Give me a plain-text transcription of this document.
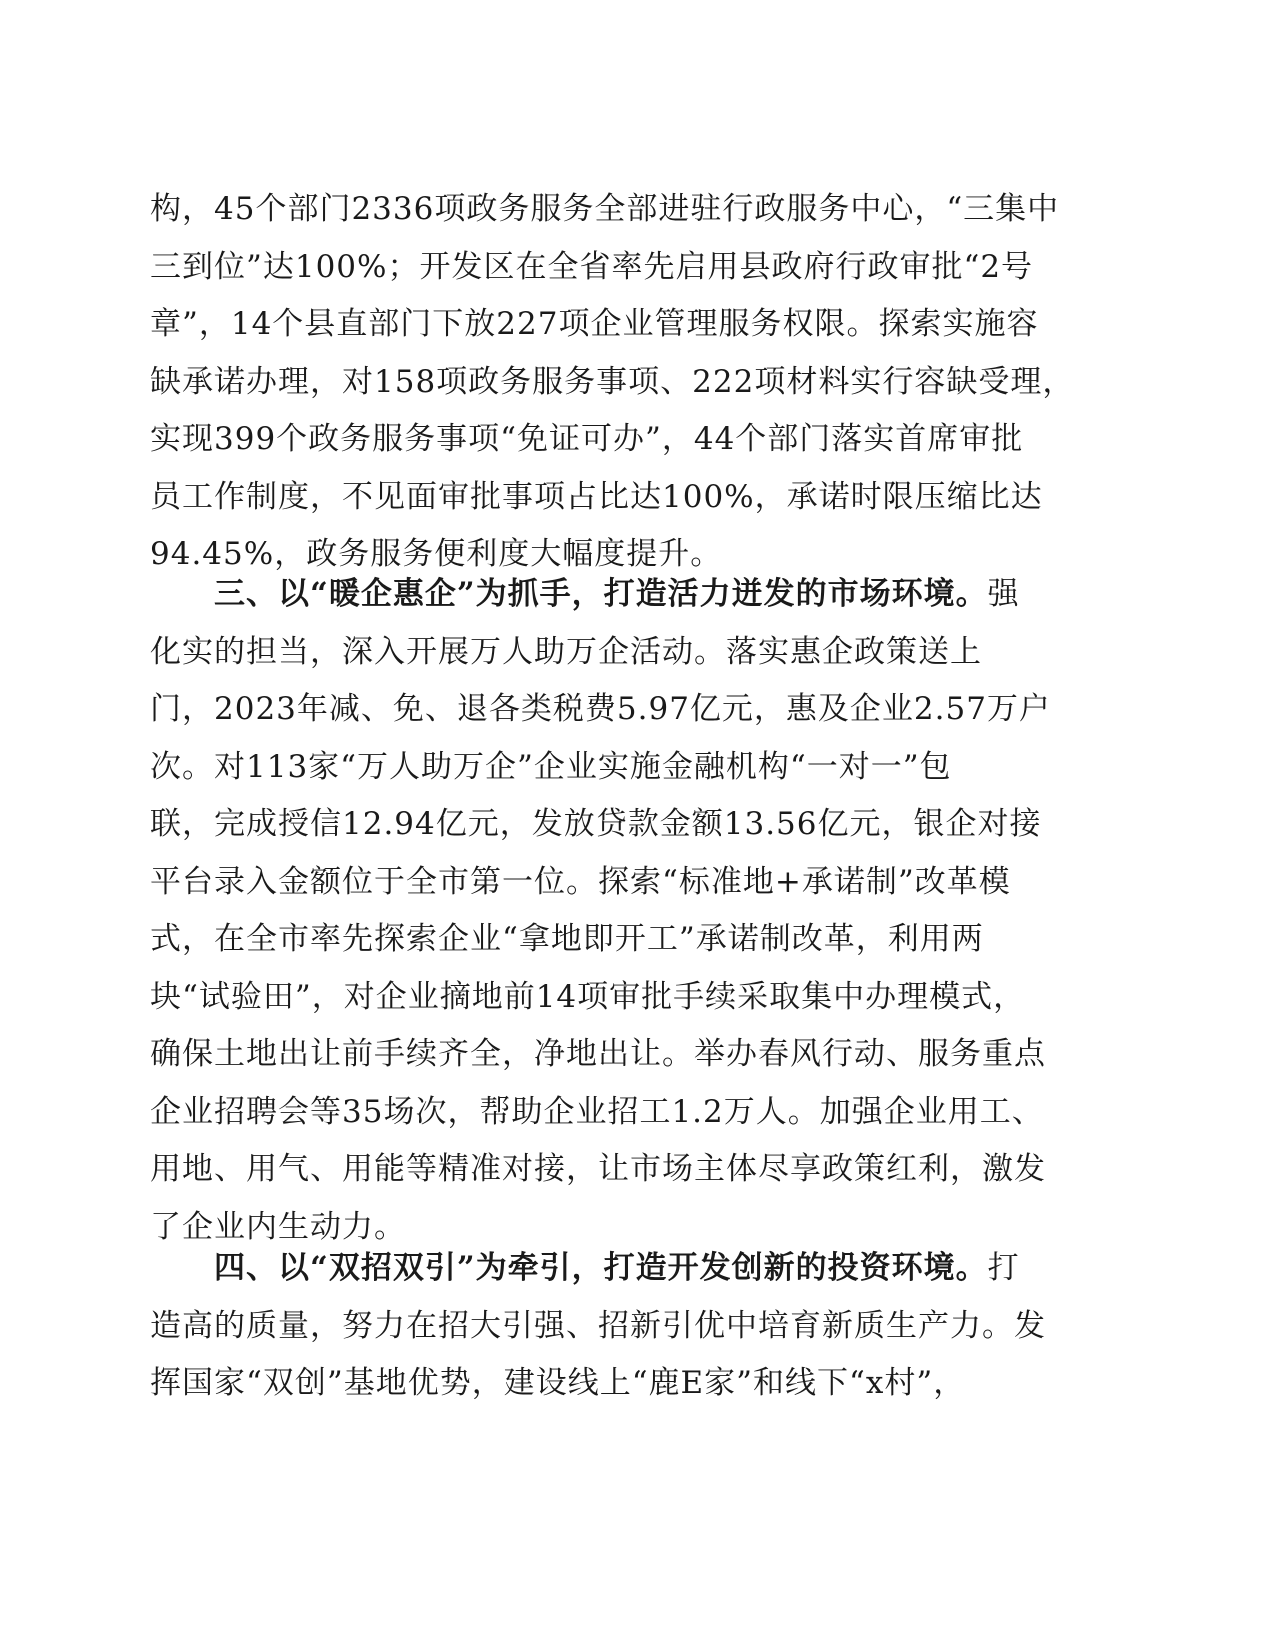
构，45个部门2336项政务服务全部进驻行政服务中心，“三集中
三到位”达100%；开发区在全省率先启用县政府行政审批“2号
章”，14个县直部门下放227项企业管理服务权限。探索实施容
缺承诺办理，对158项政务服务事项、222项材料实行容缺受理，
实现399个政务服务事项“免证可办”，44个部门落实首席审批
员工作制度，不见面审批事项占比达100%，承诺时限压缩比达
94.45%，政务服务便利度大幅度提升。
三、以“暖企惠企”为抓手，打造活力迸发的市场环境。强
化实的担当，深入开展万人助万企活动。落实惠企政策送上
门，2023年减、免、退各类税费5.97亿元，惠及企业2.57万户
次。对113家“万人助万企”企业实施金融机构“一对一”包
联，完成授信12.94亿元，发放贷款金额13.56亿元，银企对接
平台录入金额位于全市第一位。探索“标准地+承诺制”改革模
式，在全市率先探索企业“拿地即开工”承诺制改革，利用两
块“试验田”，对企业摘地前14项审批手续采取集中办理模式，
确保土地出让前手续齐全，净地出让。举办春风行动、服务重点
企业招聘会等35场次，帮助企业招工1.2万人。加强企业用工、
用地、用气、用能等精准对接，让市场主体尽享政策红利，激发
了企业内生动力。
四、以“双招双引”为牵引，打造开发创新的投资环境。打
造高的质量，努力在招大引强、招新引优中培育新质生产力。发
挥国家“双创”基地优势，建设线上“鹿E家”和线下“x村”，
